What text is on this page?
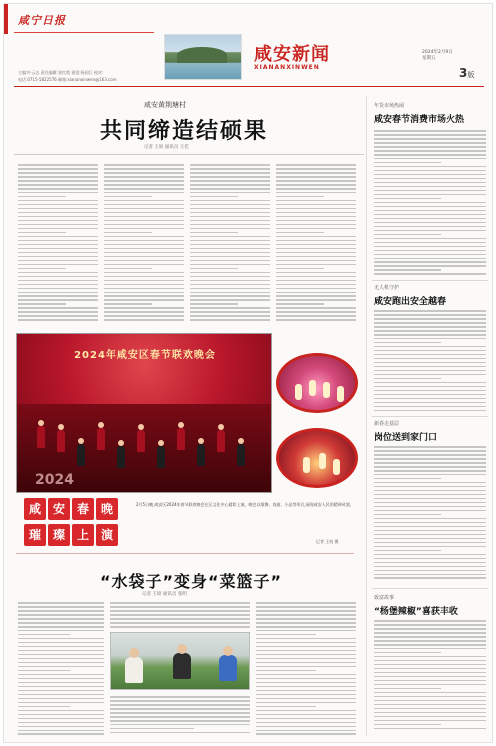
咸宁日报
主编:叶云志 责任编辑:张红霞 视觉:杨国巨 校对:
电话:0715-5822576 邮箱:xiananxinwen@163.com
咸安新闻
XIANANXINWEN
2024年2月9日
星期五
3版
咸安黄荆塘村
共同缔造结硕果
记者 王姣 通讯员 王佳
2024年咸安区春节联欢晚会
2024
咸 安 春 晚
璀 璨 上 演
2月5日晚,咸安区2024年春节联欢晚会在区文化中心精彩上演。晚会以歌舞、戏曲、小品等形式,展现咸安人民的精神风貌。
记者 王姣 摄
“水袋子”变身“菜篮子”
记者 王姣 通讯员 张明
年货市场热闹
咸安春节消费市场火热
无人机守护
咸安跑出安全越春
新春走基层
岗位送到家门口
致富故事
“杨堡辣椒”喜获丰收
